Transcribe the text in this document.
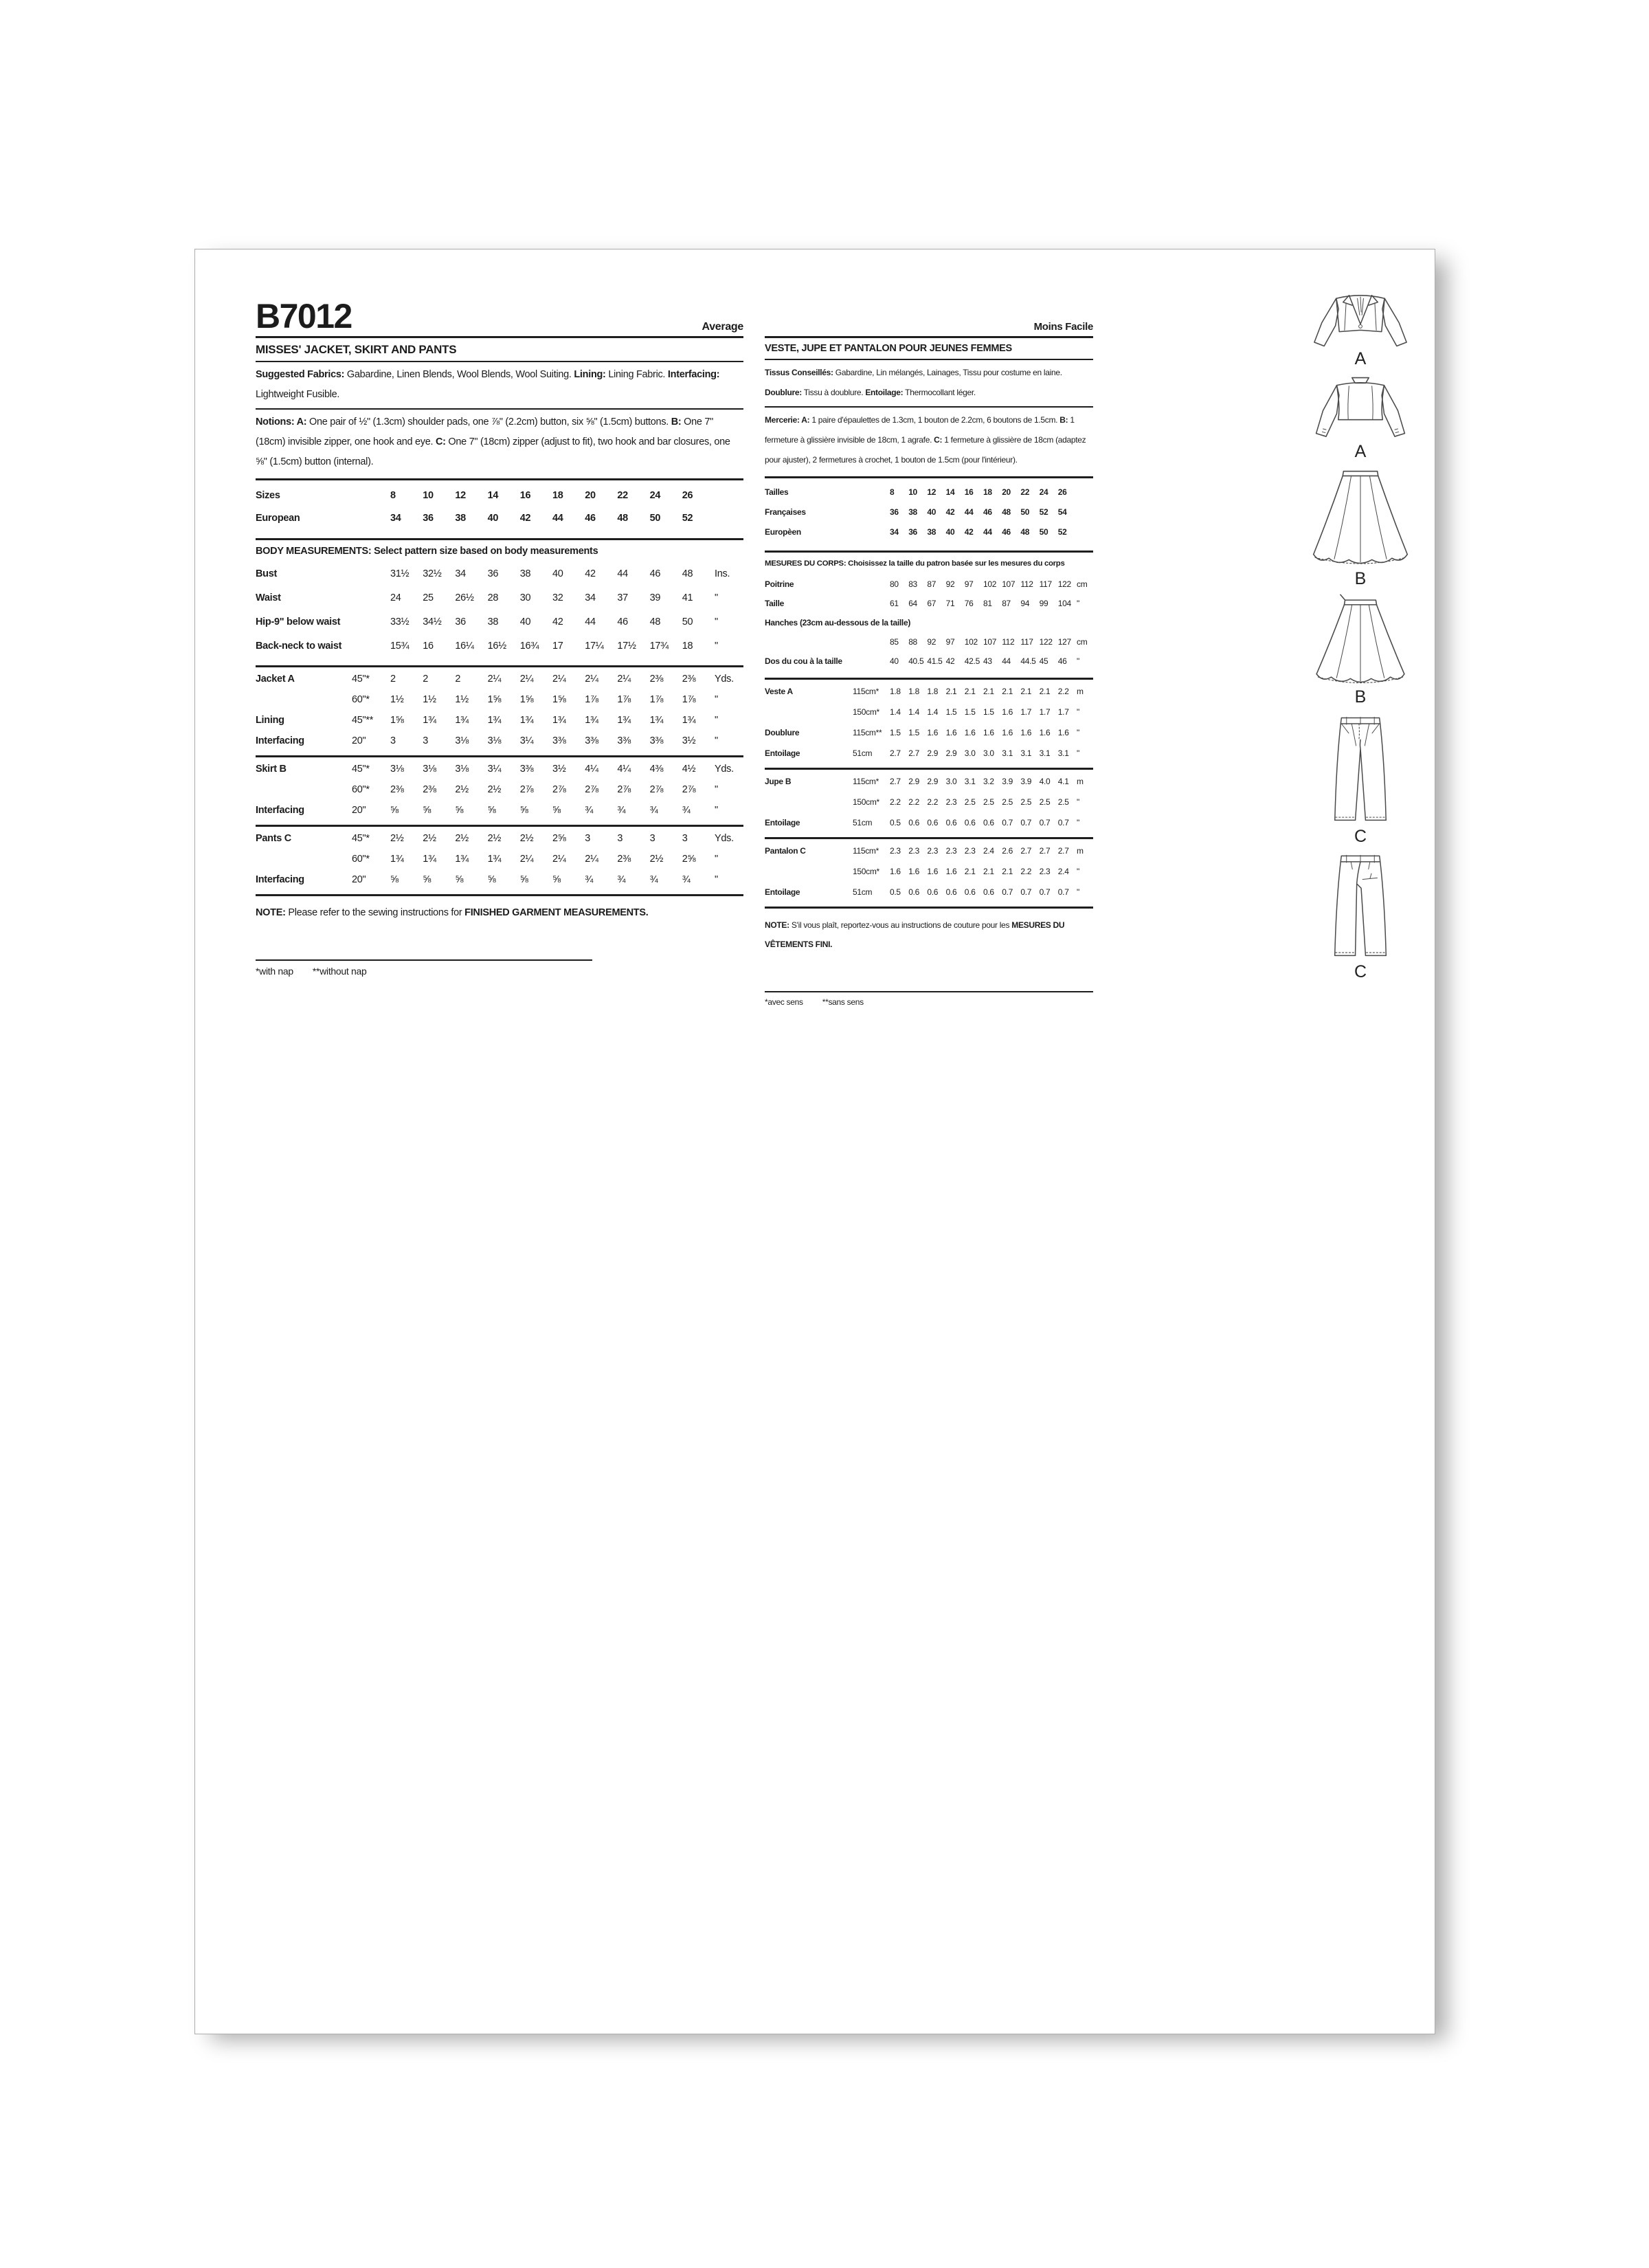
B7012	Average
MISSES' JACKET, SKIRT AND PANTS
Suggested Fabrics: Gabardine, Linen Blends, Wool Blends, Wool Suiting. Lining: Lining Fabric. Interfacing: Lightweight Fusible.
Notions: A: One pair of ½" (1.3cm) shoulder pads, one ⅞" (2.2cm) button, six ⅝" (1.5cm) buttons. B: One 7" (18cm) invisible zipper, one hook and eye. C: One 7" (18cm) zipper (adjust to fit), two hook and bar closures, one ⅝" (1.5cm) button (internal).
Sizes	8	10	12	14	16	18	20	22	24	26
European	34	36	38	40	42	44	46	48	50	52
BODY MEASUREMENTS: Select pattern size based on body measurements
Bust	31½	32½	34	36	38	40	42	44	46	48	Ins.
Waist	24	25	26½	28	30	32	34	37	39	41	"
Hip-9" below waist	33½	34½	36	38	40	42	44	46	48	50	"
Back-neck to waist	15¾	16	16¼	16½	16¾	17	17¼	17½	17¾	18	"
Jacket A	45"*	2	2	2	2¼	2¼	2¼	2¼	2¼	2⅜	2⅜	Yds.
60"*	1½	1½	1½	1⅝	1⅝	1⅝	1⅞	1⅞	1⅞	1⅞	"
Lining	45"**	1⅝	1¾	1¾	1¾	1¾	1¾	1¾	1¾	1¾	1¾	"
Interfacing	20"	3	3	3⅛	3⅛	3¼	3⅜	3⅜	3⅜	3⅜	3½	"
Skirt B	45"*	3⅛	3⅛	3⅛	3¼	3⅜	3½	4¼	4¼	4⅜	4½	Yds.
60"*	2⅜	2⅜	2½	2½	2⅞	2⅞	2⅞	2⅞	2⅞	2⅞	"
Interfacing	20"	⅝	⅝	⅝	⅝	⅝	⅝	¾	¾	¾	¾	"
Pants C	45"*	2½	2½	2½	2½	2½	2⅝	3	3	3	3	Yds.
60"*	1¾	1¾	1¾	1¾	2¼	2¼	2¼	2⅜	2½	2⅝	"
Interfacing	20"	⅝	⅝	⅝	⅝	⅝	⅝	¾	¾	¾	¾	"
NOTE: Please refer to the sewing instructions for FINISHED GARMENT MEASUREMENTS.
*with nap **without nap
Moins Facile
VESTE, JUPE ET PANTALON POUR JEUNES FEMMES
Tissus Conseillés: Gabardine, Lin mélangés, Lainages, Tissu pour costume en laine. Doublure: Tissu à doublure. Entoilage: Thermocollant léger.
Mercerie: A: 1 paire d'épaulettes de 1.3cm, 1 bouton de 2.2cm, 6 boutons de 1.5cm. B: 1 fermeture à glissière invisible de 18cm, 1 agrafe. C: 1 fermeture à glissière de 18cm (adaptez pour ajuster), 2 fermetures à crochet, 1 bouton de 1.5cm (pour l'intérieur).
Tailles	8	10	12	14	16	18	20	22	24	26
Françaises	36	38	40	42	44	46	48	50	52	54
Europèen	34	36	38	40	42	44	46	48	50	52
MESURES DU CORPS: Choisissez la taille du patron basée sur les mesures du corps
Poitrine	80	83	87	92	97	102 107 112 117 122 cm
Taille	61	64	67	71	76	81	87	94	99	104 "
Hanches (23cm au-dessous de la taille)
85	88	92	97	102 107 112 117 122 127 cm
Dos du cou à la taille	40	40.5 41.5 42	42.5 43	44	44.5 45	46	"
Veste A	115cm*	1.8 1.8 1.8 2.1 2.1 2.1 2.1 2.1 2.1 2.2 m
150cm*	1.4 1.4 1.4 1.5 1.5 1.5 1.6 1.7 1.7 1.7 "
Doublure	115cm** 1.5 1.5 1.6 1.6 1.6 1.6 1.6 1.6 1.6 1.6 "
Entoilage	51cm	2.7 2.7 2.9 2.9 3.0 3.0 3.1 3.1 3.1 3.1 "
Jupe B	115cm*	2.7 2.9 2.9 3.0 3.1 3.2 3.9 3.9 4.0 4.1 m
150cm*	2.2 2.2 2.2 2.3 2.5 2.5 2.5 2.5 2.5 2.5 "
Entoilage	51cm	0.5 0.6 0.6 0.6 0.6 0.6 0.7 0.7 0.7 0.7 "
Pantalon C	115cm*	2.3 2.3 2.3 2.3 2.3 2.4 2.6 2.7 2.7 2.7 m
150cm*	1.6 1.6 1.6 1.6 2.1 2.1 2.1 2.2 2.3 2.4 "
Entoilage	51cm	0.5 0.6 0.6 0.6 0.6 0.6 0.7 0.7 0.7 0.7 "
NOTE: S'il vous plaît, reportez-vous au instructions de couture pour les MESURES DU VÊTEMENTS FINI.
*avec sens **sans sens
A
A
B
B
C
C
